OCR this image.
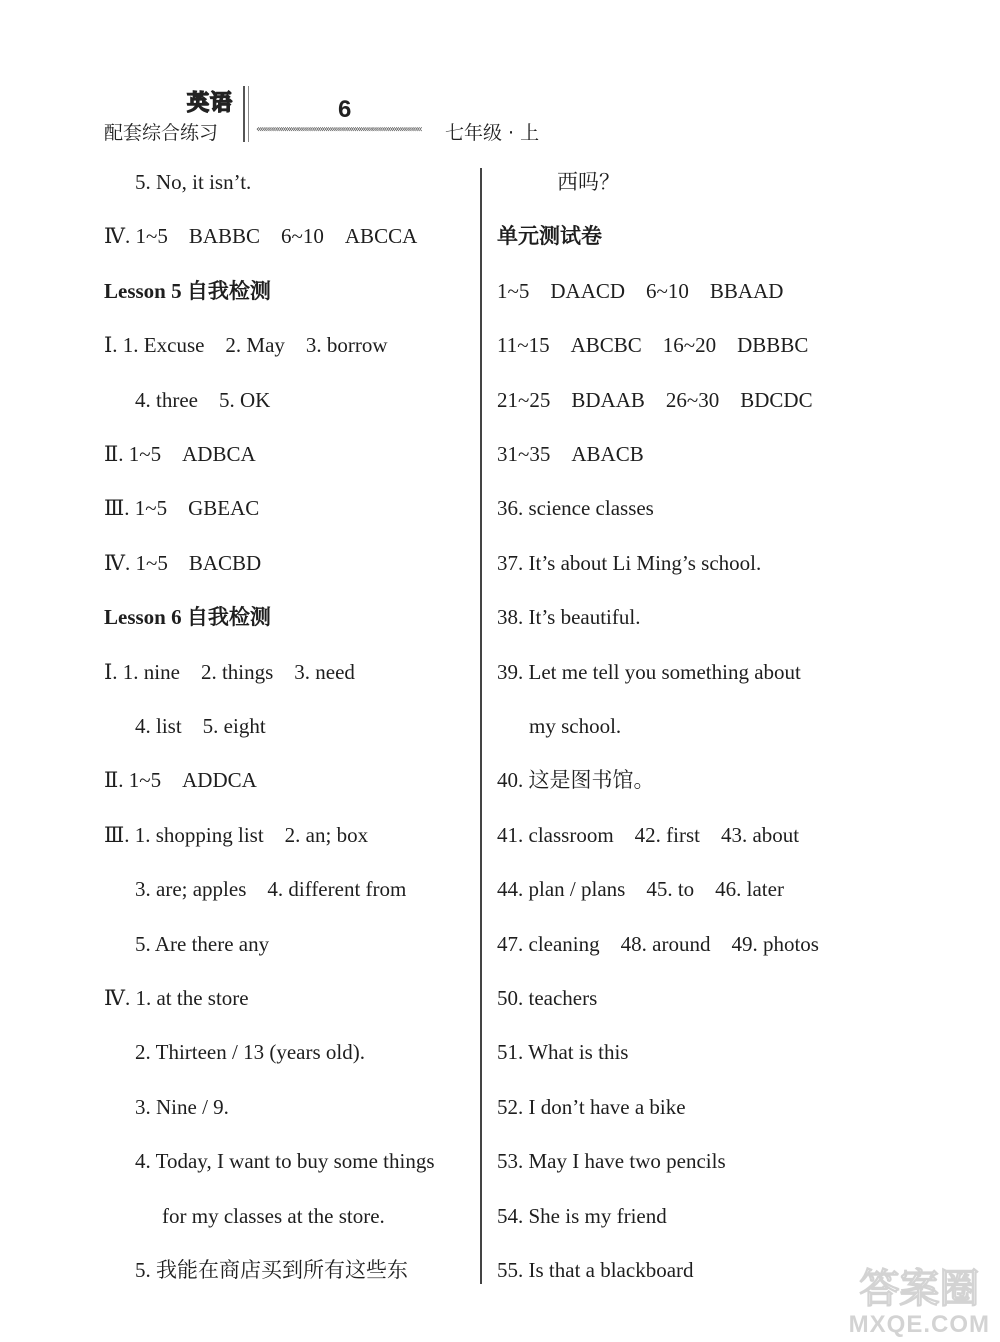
英语
配套综合练习
6
««««««««««««««««««««««««««««««««««««««««	七年级 · 上
5. No, it isn’t.
Ⅳ. 1~5　BABBC　6~10　ABCCA
Lesson 5 自我检测
Ⅰ. 1. Excuse　2. May　3. borrow
4. three　5. OK
Ⅱ. 1~5　ADBCA
Ⅲ. 1~5　GBEAC
Ⅳ. 1~5　BACBD
Lesson 6 自我检测
Ⅰ. 1. nine　2. things　3. need
4. list　5. eight
Ⅱ. 1~5　ADDCA
Ⅲ. 1. shopping list　2. an; box
3. are; apples　4. different from
5. Are there any
Ⅳ. 1. at the store
2. Thirteen / 13 (years old).
3. Nine / 9.
4. Today, I want to buy some things
for my classes at the store.
5. 我能在商店买到所有这些东
西吗？
单元测试卷
1~5　DAACD　6~10　BBAAD
11~15　ABCBC　16~20　DBBBC
21~25　BDAAB　26~30　BDCDC
31~35　ABACB
36. science classes
37. It’s about Li Ming’s school.
38. It’s beautiful.
39. Let me tell you something about
my school.
40. 这是图书馆。
41. classroom　42. first　43. about
44. plan / plans　45. to　46. later
47. cleaning　48. around　49. photos
50. teachers
51. What is this
52. I don’t have a bike
53. May I have two pencils
54. She is my friend
55. Is that a blackboard	答案圈
MXQE.COM
